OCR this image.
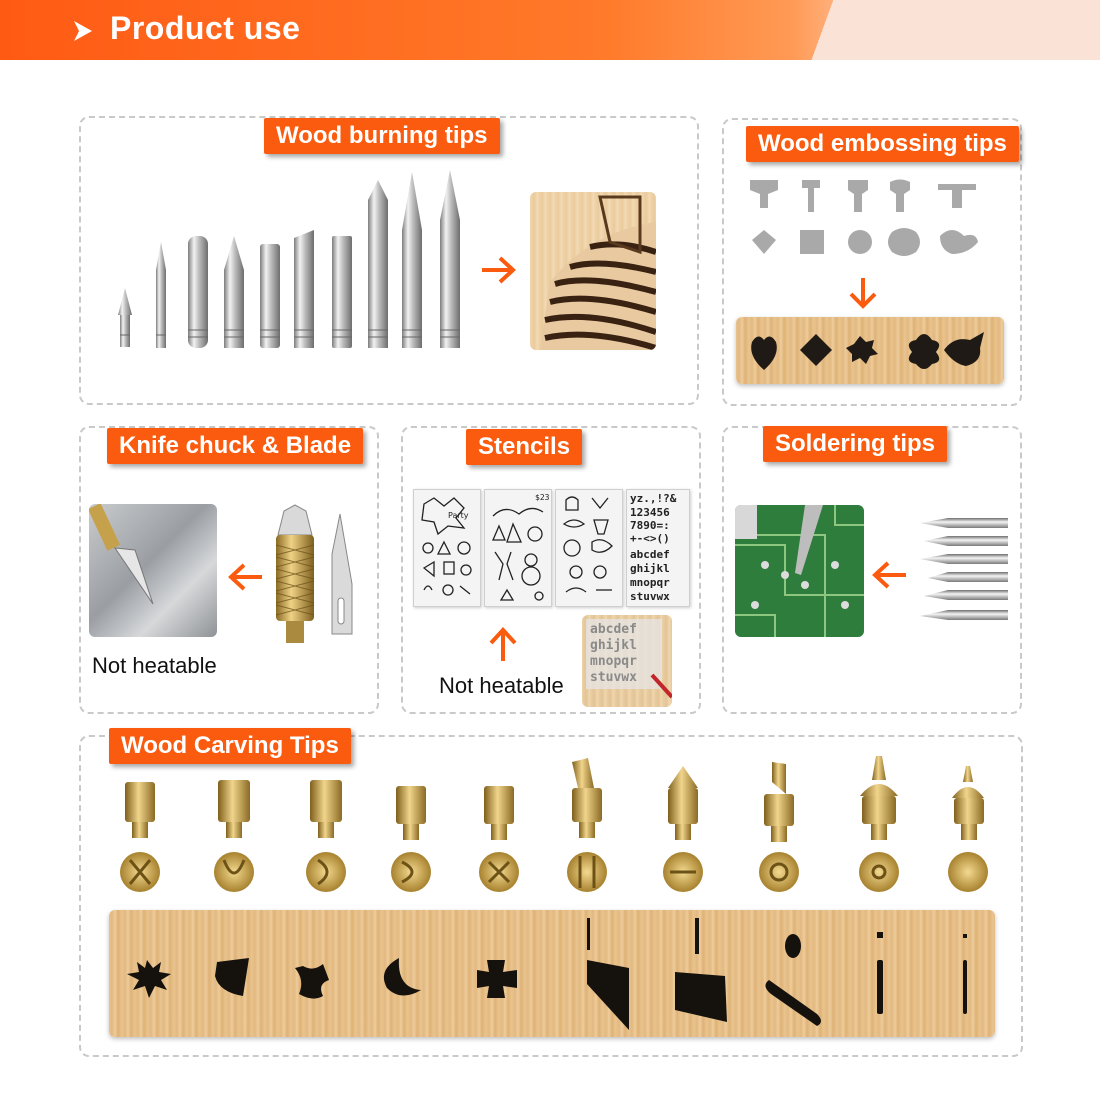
Product use
Wood burning tips	Wood embossing tips
Knife chuck & Blade
Not heatable
Stencils
Party
$23	yz.,!?&
123456
7890=:
+-<>()
abcdef
ghijkl
mnopqr
stuvwx
Not heatable
abcdef
ghijkl
mnopqr
stuvwx
Soldering tips
Wood Carving Tips
